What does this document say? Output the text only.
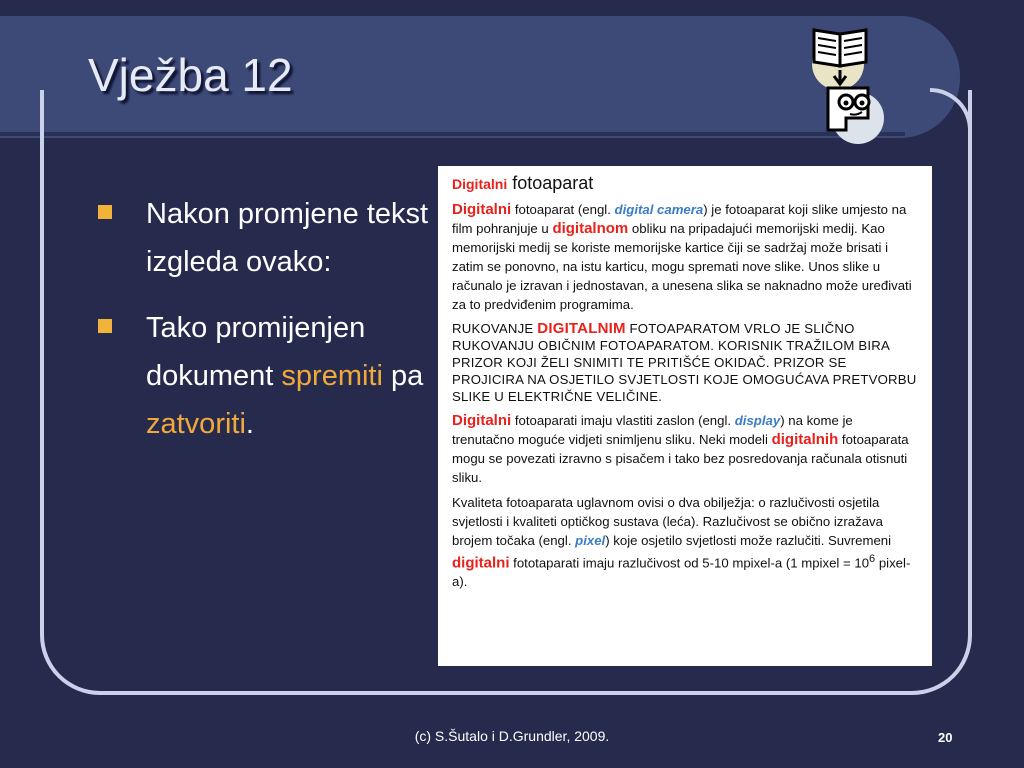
Vježba 12
Nakon promjene tekst izgleda ovako:
Tako promijenjen dokument spremiti pa zatvoriti.

Digitalni fotoaparat

Digitalni fotoaparat (engl. digital camera) je fotoaparat koji slike umjesto na film pohranjuje u digitalnom obliku na pripadajući memorijski medij. Kao memorijski medij se koriste memorijske kartice čiji se sadržaj može brisati i zatim se ponovno, na istu karticu, mogu spremati nove slike. Unos slike u računalo je izravan i jednostavan, a unesena slika se naknadno može uređivati za to predviđenim programima.

RUKOVANJE DIGITALNIM FOTOAPARATOM VRLO JE SLIČNO RUKOVANJU OBIČNIM FOTOAPARATOM. KORISNIK TRAŽILOM BIRA PRIZOR KOJI ŽELI SNIMITI TE PRITIŠĆE OKIDAČ. PRIZOR SE PROJICIRA NA OSJETILO SVJETLOSTI KOJE OMOGUĆAVA PRETVORBU SLIKE U ELEKTRIČNE VELIČINE.

Digitalni fotoaparati imaju vlastiti zaslon (engl. display) na kome je trenutačno moguće vidjeti snimljenu sliku. Neki modeli digitalnih fotoaparata mogu se povezati izravno s pisačem i tako bez posredovanja računala otisnuti sliku.

Kvaliteta fotoaparata uglavnom ovisi o dva obilježja: o razlučivosti osjetila svjetlosti i kvaliteti optičkog sustava (leća). Razlučivost se obično izražava brojem točaka (engl. pixel) koje osjetilo svjetlosti može razlučiti. Suvremeni digitalni fototaparati imaju razlučivost od 5-10 mpixel-a (1 mpixel = $10^6$ pixel-a).

(c) S.Šutalo i D.Grundler, 2009.	20
